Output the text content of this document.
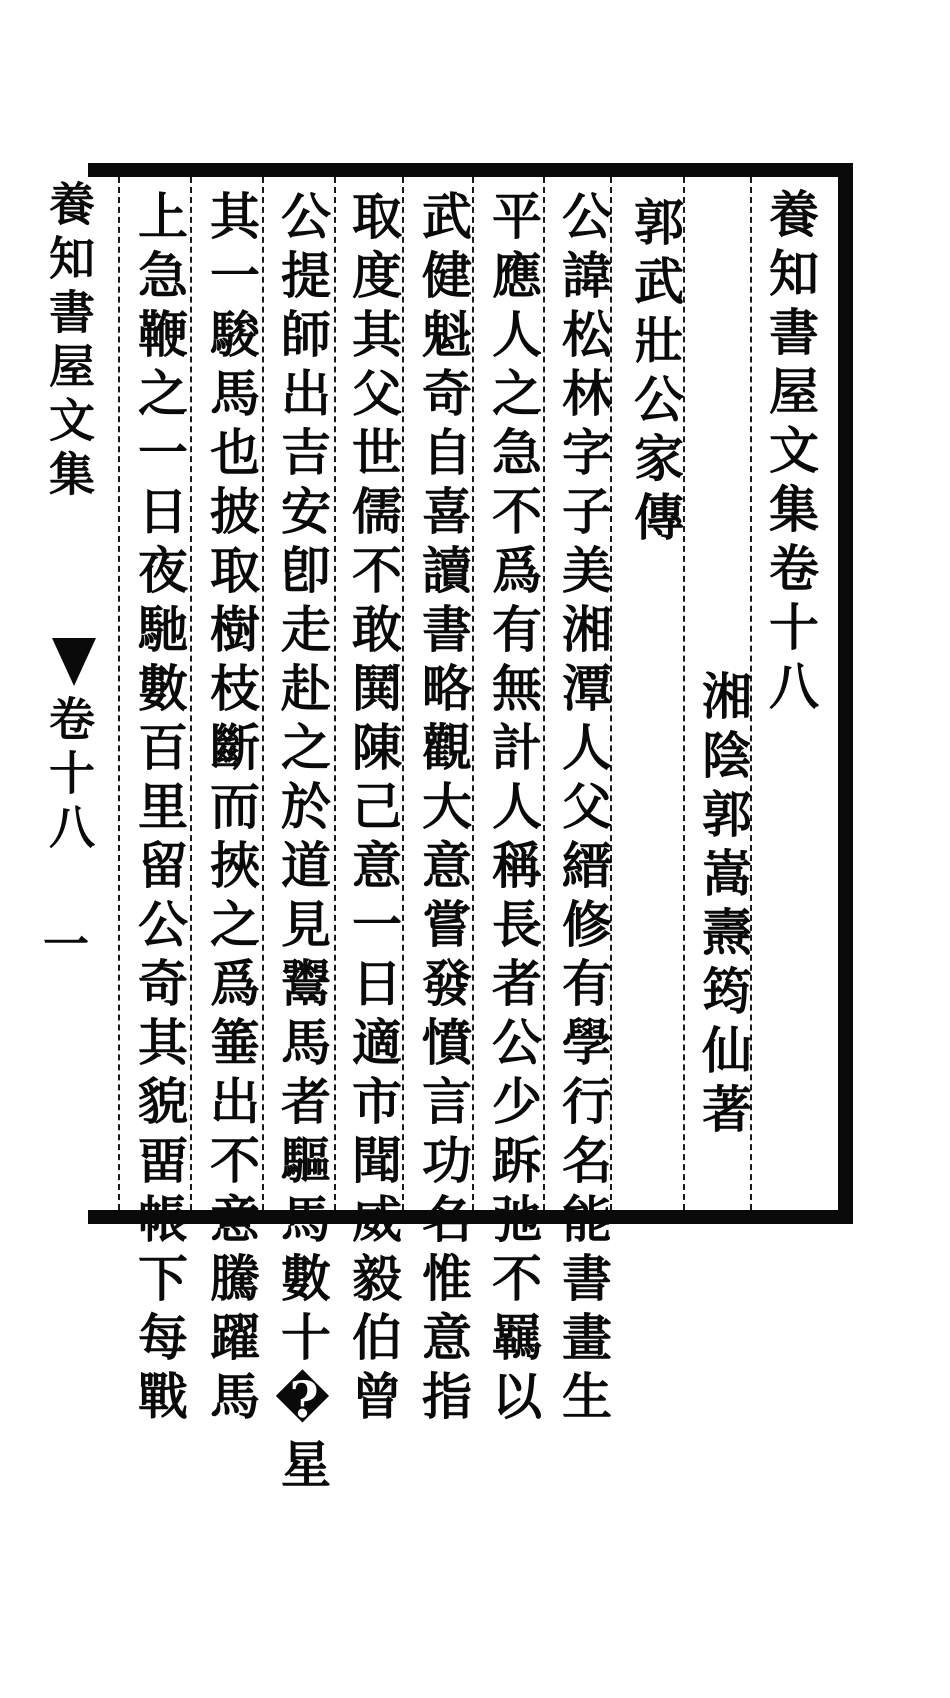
養知書屋文集卷十八
湘陰郭嵩燾筠仙著
郭武壯公家傳
公諱松林字子美湘潭人父縉修有學行名能書畫生
平應人之急不爲有無計人稱長者公少跅弛不羈以
武健魁奇自喜讀書略觀大意嘗發憤言功名惟意指
取度其父世儒不敢鬨陳己意一日適市聞威毅伯曾
公提師出吉安卽走赴之於道見鬻馬者驅馬數十�星
其一駿馬也披取樹枝斷而挾之爲箠出不意騰躍馬
上急鞭之一日夜馳數百里留公奇其貌畱帳下每戰
養知書屋文集
卷十八
一
